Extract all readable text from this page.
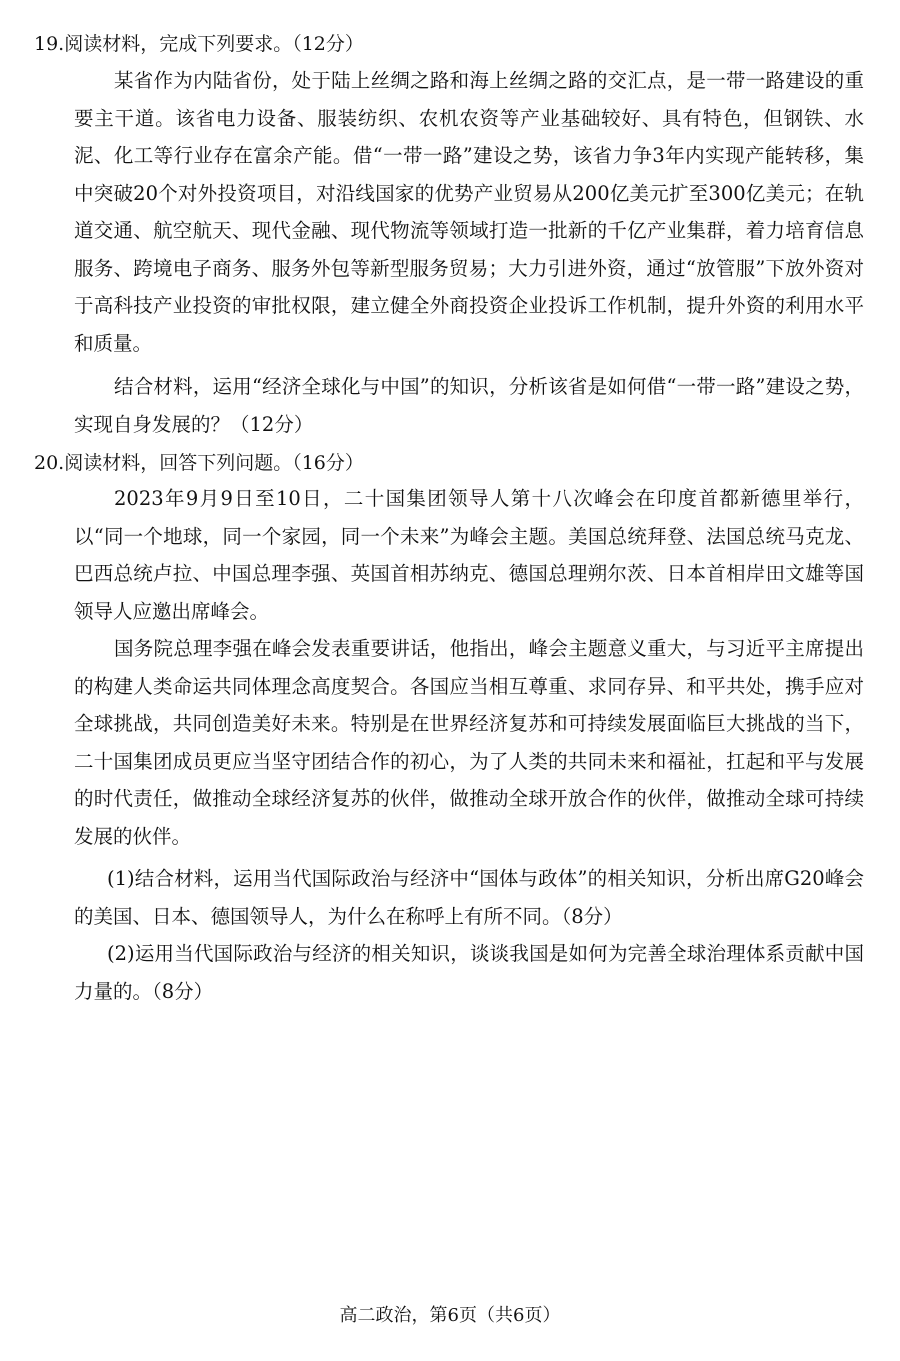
19.阅读材料，完成下列要求。（12分）

某省作为内陆省份，处于陆上丝绸之路和海上丝绸之路的交汇点，是一带一路建设的重要主干道。该省电力设备、服装纺织、农机农资等产业基础较好、具有特色，但钢铁、水泥、化工等行业存在富余产能。借“一带一路”建设之势，该省力争3年内实现产能转移，集中突破20个对外投资项目，对沿线国家的优势产业贸易从200亿美元扩至300亿美元；在轨道交通、航空航天、现代金融、现代物流等领域打造一批新的千亿产业集群，着力培育信息服务、跨境电子商务、服务外包等新型服务贸易；大力引进外资，通过“放管服”下放外资对于高科技产业投资的审批权限，建立健全外商投资企业投诉工作机制，提升外资的利用水平和质量。

结合材料，运用“经济全球化与中国”的知识，分析该省是如何借“一带一路”建设之势，实现自身发展的？（12分）

20.阅读材料，回答下列问题。（16分）

2023年9月9日至10日，二十国集团领导人第十八次峰会在印度首都新德里举行，以“同一个地球，同一个家园，同一个未来”为峰会主题。美国总统拜登、法国总统马克龙、巴西总统卢拉、中国总理李强、英国首相苏纳克、德国总理朔尔茨、日本首相岸田文雄等国领导人应邀出席峰会。

国务院总理李强在峰会发表重要讲话，他指出，峰会主题意义重大，与习近平主席提出的构建人类命运共同体理念高度契合。各国应当相互尊重、求同存异、和平共处，携手应对全球挑战，共同创造美好未来。特别是在世界经济复苏和可持续发展面临巨大挑战的当下，二十国集团成员更应当坚守团结合作的初心，为了人类的共同未来和福祉，扛起和平与发展的时代责任，做推动全球经济复苏的伙伴，做推动全球开放合作的伙伴，做推动全球可持续发展的伙伴。

(1)结合材料，运用当代国际政治与经济中“国体与政体”的相关知识，分析出席G20峰会的美国、日本、德国领导人，为什么在称呼上有所不同。（8分）

(2)运用当代国际政治与经济的相关知识，谈谈我国是如何为完善全球治理体系贡献中国力量的。（8分）

高二政治，第6页（共6页）
